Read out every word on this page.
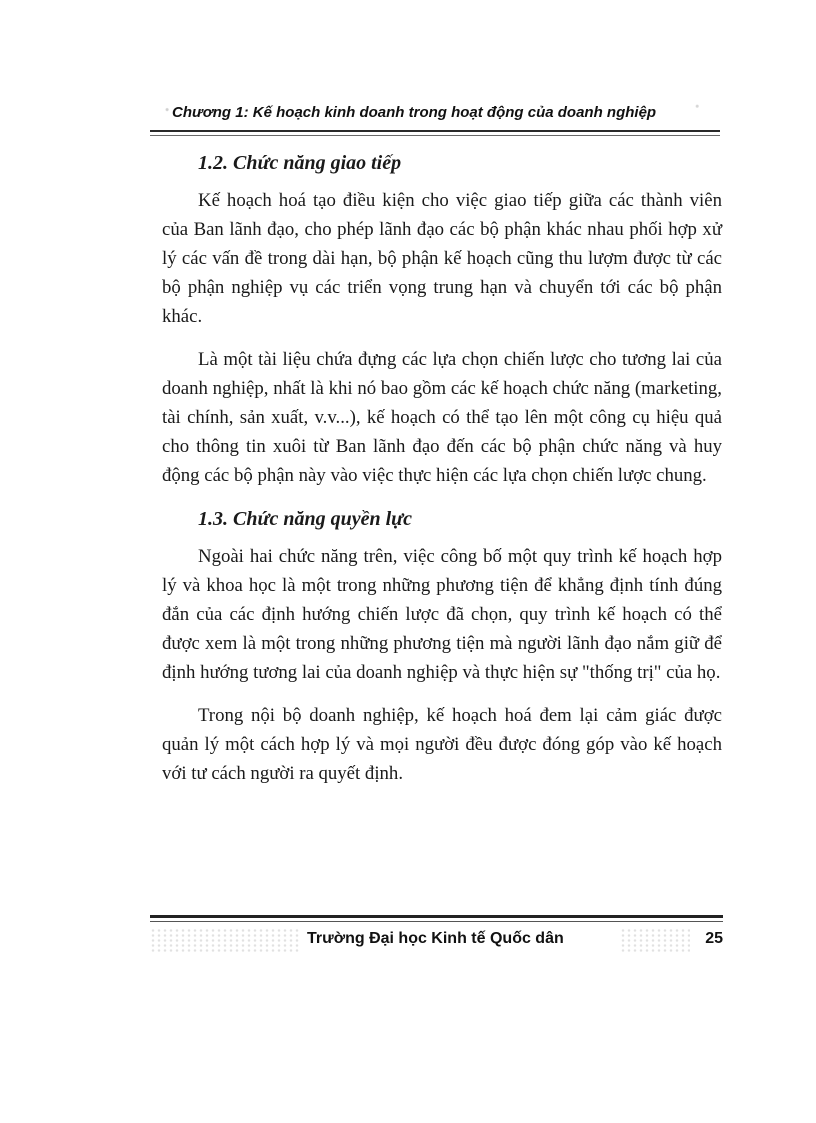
Chương 1: Kế hoạch kinh doanh trong hoạt động của doanh nghiệp
1.2. Chức năng giao tiếp

Kế hoạch hoá tạo điều kiện cho việc giao tiếp giữa các thành viên của Ban lãnh đạo, cho phép lãnh đạo các bộ phận khác nhau phối hợp xử lý các vấn đề trong dài hạn, bộ phận kế hoạch cũng thu lượm được từ các bộ phận nghiệp vụ các triển vọng trung hạn và chuyển tới các bộ phận khác.

Là một tài liệu chứa đựng các lựa chọn chiến lược cho tương lai của doanh nghiệp, nhất là khi nó bao gồm các kế hoạch chức năng (marketing, tài chính, sản xuất, v.v...), kế hoạch có thể tạo lên một công cụ hiệu quả cho thông tin xuôi từ Ban lãnh đạo đến các bộ phận chức năng và huy động các bộ phận này vào việc thực hiện các lựa chọn chiến lược chung.

1.3. Chức năng quyền lực

Ngoài hai chức năng trên, việc công bố một quy trình kế hoạch hợp lý và khoa học là một trong những phương tiện để khẳng định tính đúng đắn của các định hướng chiến lược đã chọn, quy trình kế hoạch có thể được xem là một trong những phương tiện mà người lãnh đạo nắm giữ để định hướng tương lai của doanh nghiệp và thực hiện sự "thống trị" của họ.

Trong nội bộ doanh nghiệp, kế hoạch hoá đem lại cảm giác được quản lý một cách hợp lý và mọi người đều được đóng góp vào kế hoạch với tư cách người ra quyết định.

Trường Đại học Kinh tế Quốc dân	25
